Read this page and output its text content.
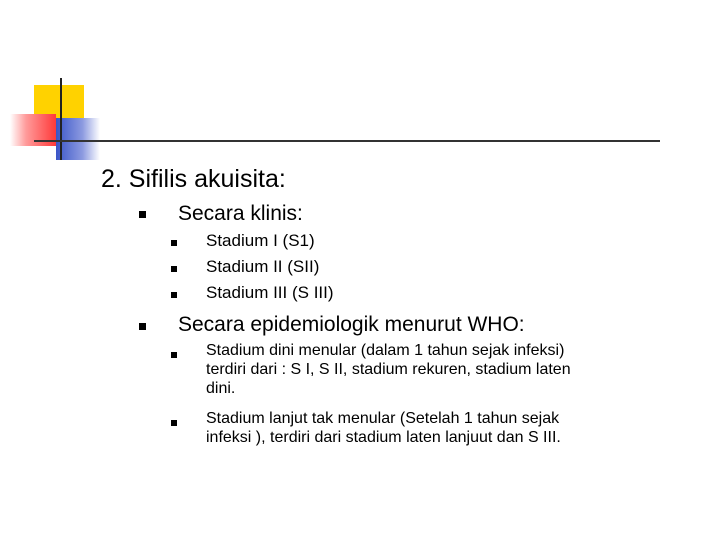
2. Sifilis akuisita:
Secara klinis:
Stadium I (S1)
Stadium II (SII)
Stadium III (S III)
Secara epidemiologik menurut WHO:
Stadium dini menular (dalam 1 tahun sejak infeksi)
terdiri dari : S I, S II, stadium rekuren, stadium laten
dini.
Stadium lanjut tak menular (Setelah 1 tahun sejak
infeksi ), terdiri dari stadium laten lanjuut dan S III.
